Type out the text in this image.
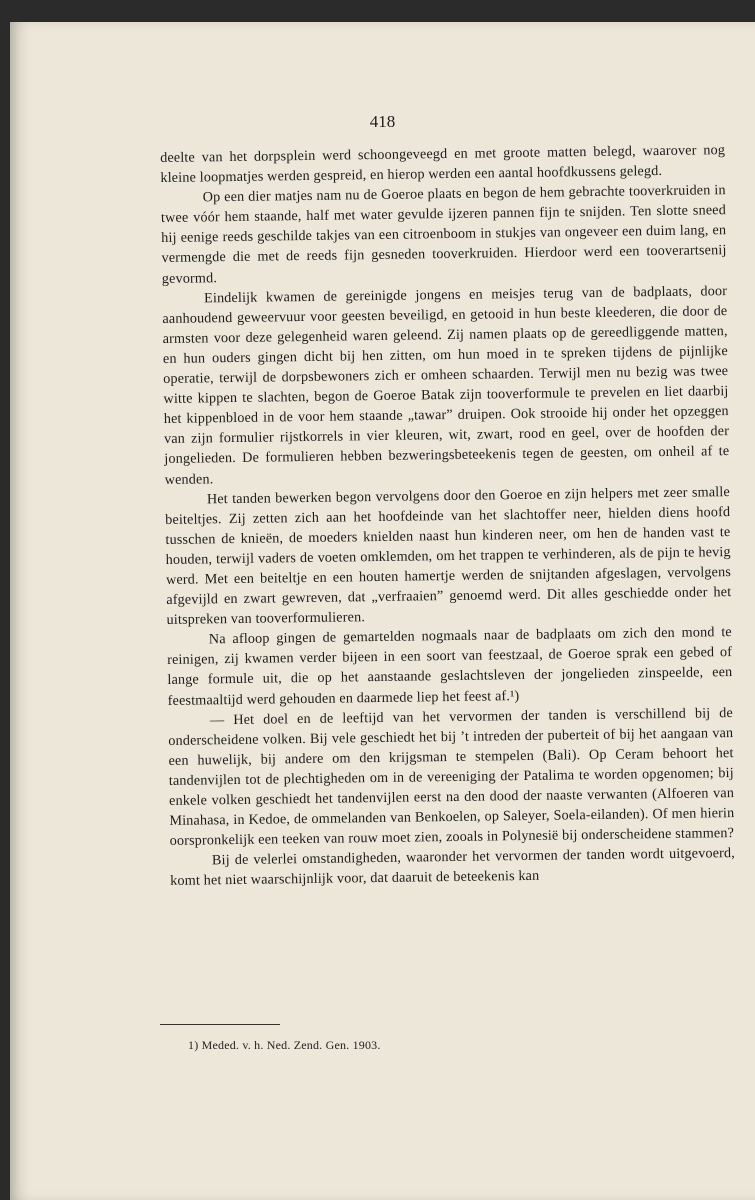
418

deelte van het dorpsplein werd schoongeveegd en met groote matten belegd, waarover nog kleine loopmatjes werden gespreid, en hierop werden een aantal hoofdkussens gelegd.

Op een dier matjes nam nu de Goeroe plaats en begon de hem gebrachte tooverkruiden in twee vóór hem staande, half met water gevulde ijzeren pannen fijn te snijden. Ten slotte sneed hij eenige reeds geschilde takjes van een citroenboom in stukjes van ongeveer een duim lang, en vermengde die met de reeds fijn gesneden tooverkruiden. Hierdoor werd een tooverartsenij gevormd.

Eindelijk kwamen de gereinigde jongens en meisjes terug van de badplaats, door aanhoudend geweervuur voor geesten beveiligd, en getooid in hun beste kleederen, die door de armsten voor deze gelegenheid waren geleend. Zij namen plaats op de gereedliggende matten, en hun ouders gingen dicht bij hen zitten, om hun moed in te spreken tijdens de pijnlijke operatie, terwijl de dorpsbewoners zich er omheen schaarden. Terwijl men nu bezig was twee witte kippen te slachten, begon de Goeroe Batak zijn tooverformule te prevelen en liet daarbij het kippenbloed in de voor hem staande „tawar” druipen. Ook strooide hij onder het opzeggen van zijn formulier rijstkorrels in vier kleuren, wit, zwart, rood en geel, over de hoofden der jongelieden. De formulieren hebben bezweringsbeteekenis tegen de geesten, om onheil af te wenden.

Het tanden bewerken begon vervolgens door den Goeroe en zijn helpers met zeer smalle beiteltjes. Zij zetten zich aan het hoofdeinde van het slachtoffer neer, hielden diens hoofd tusschen de knieën, de moeders knielden naast hun kinderen neer, om hen de handen vast te houden, terwijl vaders de voeten omklemden, om het trappen te verhinderen, als de pijn te hevig werd. Met een beiteltje en een houten hamertje werden de snijtanden afgeslagen, vervolgens afgevijld en zwart gewreven, dat „verfraaien” genoemd werd. Dit alles geschiedde onder het uitspreken van tooverformulieren.

Na afloop gingen de gemartelden nogmaals naar de badplaats om zich den mond te reinigen, zij kwamen verder bijeen in een soort van feestzaal, de Goeroe sprak een gebed of lange formule uit, die op het aanstaande geslachtsleven der jongelieden zinspeelde, een feestmaaltijd werd gehouden en daarmede liep het feest af.¹)

— Het doel en de leeftijd van het vervormen der tanden is verschillend bij de onderscheidene volken. Bij vele geschiedt het bij ’t intreden der puberteit of bij het aangaan van een huwelijk, bij andere om den krijgsman te stempelen (Bali). Op Ceram behoort het tandenvijlen tot de plechtigheden om in de vereeniging der Patalima te worden opgenomen; bij enkele volken geschiedt het tandenvijlen eerst na den dood der naaste verwanten (Alfoeren van Minahasa, in Kedoe, de ommelanden van Benkoelen, op Saleyer, Soela-eilanden). Of men hierin oorspronkelijk een teeken van rouw moet zien, zooals in Polynesië bij onderscheidene stammen?

Bij de velerlei omstandigheden, waaronder het vervormen der tanden wordt uitgevoerd, komt het niet waarschijnlijk voor, dat daaruit de beteekenis kan

1) Meded. v. h. Ned. Zend. Gen. 1903.
